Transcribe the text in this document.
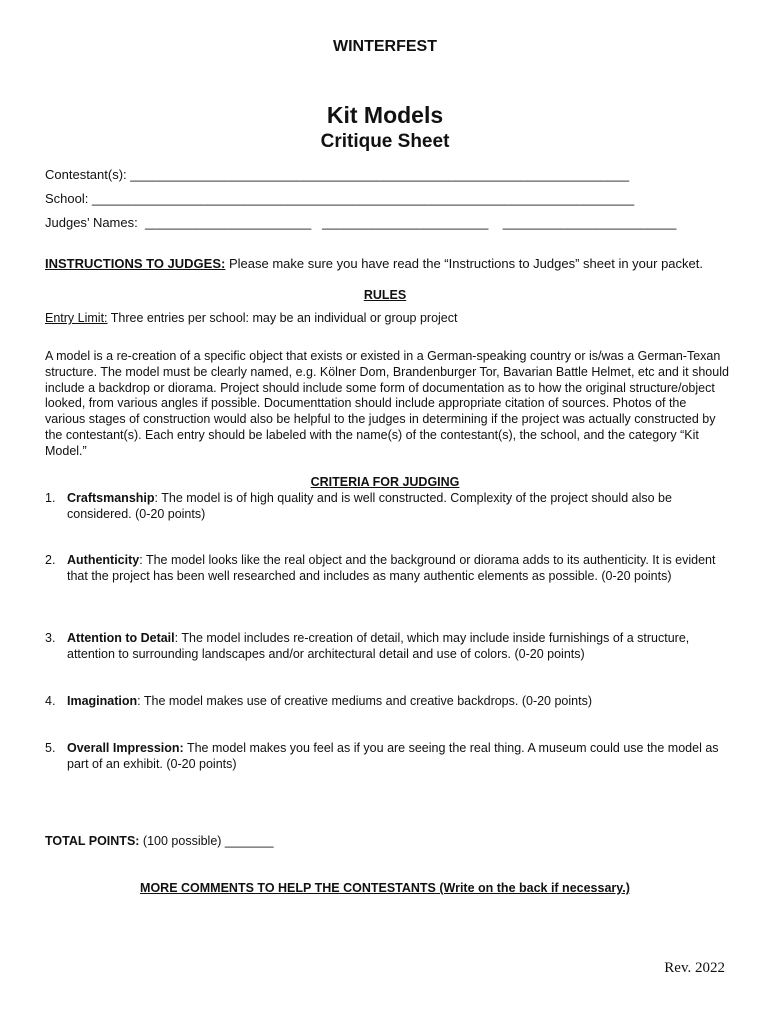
WINTERFEST
Kit Models
Critique Sheet
Contestant(s): _____________________________________________________________________
School: ___________________________________________________________________________
Judges’ Names:  _______________________   _______________________    ________________________
INSTRUCTIONS TO JUDGES: Please make sure you have read the “Instructions to Judges” sheet in your packet.
RULES
Entry Limit: Three entries per school: may be an individual or group project
A model is a re-creation of a specific object that exists or existed in a German-speaking country or is/was a German-Texan structure. The model must be clearly named, e.g. Kölner Dom, Brandenburger Tor, Bavarian Battle Helmet, etc and it should include a backdrop or diorama. Project should include some form of documentation as to how the original structure/object looked, from various angles if possible. Documenttation should include appropriate citation of sources. Photos of the various stages of construction would also be helpful to the judges in determining if the project was actually constructed by the contestant(s). Each entry should be labeled with the name(s) of the contestant(s), the school, and the category “Kit Model.”
CRITERIA FOR JUDGING
1. Craftsmanship: The model is of high quality and is well constructed. Complexity of the project should also be considered. (0-20 points)
2. Authenticity: The model looks like the real object and the background or diorama adds to its authenticity. It is evident that the project has been well researched and includes as many authentic elements as possible. (0-20 points)
3. Attention to Detail: The model includes re-creation of detail, which may include inside furnishings of a structure, attention to surrounding landscapes and/or architectural detail and use of colors. (0-20 points)
4. Imagination: The model makes use of creative mediums and creative backdrops. (0-20 points)
5. Overall Impression: The model makes you feel as if you are seeing the real thing. A museum could use the model as part of an exhibit. (0-20 points)
TOTAL POINTS: (100 possible) _______
MORE COMMENTS TO HELP THE CONTESTANTS (Write on the back if necessary.)
Rev. 2022
